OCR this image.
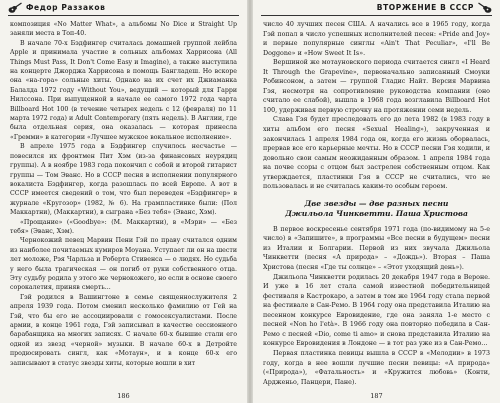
Федор Раззаков

композиция «No Matter What», а альбомы No Dice и Straight Up заняли места в Топ-40.

В начале 70-х Бэдфингер считалась домашней группой лейбла Apple и принимала участие в сольных альбомах Харрисона (All Things Must Pass, It Don't Come Easy и Imagine), а также выступила на концерте Джорджа Харрисона в помощь Бангладеш. Но вскоре она «на-гора» сольные хиты. Однако на их счет их Джиаманка Балалда 1972 году «Without You», ведущий — который для Гарри Нилссона. При выпущенной в начале ее самого 1972 года чарта Billboard Hot 100 (в течение четырех недель с 12 (февраля) по 11 марта 1972 года) и Adult Contemporary (пять недель). В Англии, где была отдельная серия, она оказалась — которая принесла «Гремми» в категории «Лучшее мужское вокальное исполнение».

В апреле 1975 года в Бэдфингер случилось несчастье — повесился их фронтмен Пит Хэм (из-за финансовых неурядиц группы). А в ноябре 1983 года покончил с собой и второй гитарист группы — Том Эванс. Но в СССР песня в исполнении популярного вокалиста Бэдфингер, когда разошлась по всей Европе. А вот в СССР имеется сведений о том, что был переведен «Бэдфингер» в журнале «Кругозор» (1982, № 6). На грампластинке были: (Пол Маккартни), (Маккартни), в сыграна «Без тебя» (Эванс, Хэм).

«Прощание» («Goodbye»: (М. Маккартни), в «Мэри» — «Без тебя» (Эванс, Хэм).

Чернокожий певец Марвин Пени Гэй по праву считался одним из наиболее почитаемых кумиров Моуана. Уступает ли он на шести лет моложе, Рэя Чарльза и Роберта Стивенса — о людях. Но судьба у него была трагическая — он погиб от руки собственного отца. Эту судьбу родила у этого же чернокожего, но если в основе своего сорокалетия, приняв смерть...

Гэй родился в Вашингтоне в семье священнослужителя 2 апреля 1939 года. Потом сменил несколько фамилию от Гей на Гэй, что бы его не ассоциировали с гомосексуалистами. После армии, в конце 1961 года, Гэй записывал в качестве сессионного барабанщика на многих записях. С начале 60-х бывшие стали его одной из звезд «черной» музыки. В начале 60-х в Детройте продюсировать сингл, как «Мотаун», и в конце 60-х его записывают в статус звезды хиты, которые вошли в хит

186
ВТОРЖЕНИЕ В СССР

число 40 лучших песен США. А начались все в 1965 году, когда Гэй попал в число успешных исполнителей песен: «Pride and Joy» и первые популярные синглы «Ain't That Peculiar», «I'll Be Doggone» и «How Sweet It Is».

Вершиной же мотауновского периода считается сингл «I Heard It Through the Grapevine», первоначально записанный Смоуки Робинсоном, а затем — группой Гладис Найт. Версия Марвина Гэя, несмотря на сопротивление руководства компании (оно считало ее слабой), вышла в 1968 года возглавила Billboard Hot 100, удерживая первую строчку на протяжении семи недель.

Слава Гэя будет преследовать его до лета 1982 (в 1983 году в хиты альбом его песня «Sexual Healing»), закрученная и закончилась 1 апреля 1984 года он, когда его жизнь оборвалась, прервав все его карьерные мечты. Но в СССР песни Гэя ходили, и довольно свои самым неожиданным образом. 1 апреля 1984 года на почве ссоры с отцом был застрелен собственным отцом. Как утверждается, пластинки Гэя в СССР не считались, что не пользовалась и не считалась каким-то особым героем.

Две звезды — две разных песни
Джильола Чинкветти. Паша Христова

В первое воскресенье сентября 1971 года (по-видимому на 5-е число) в «Запишите», в программы «Все песни в будущем» песни из Италии и Болгарии. Первой из них звучала Джильола Чинкветти (песня «А природа» – «Дождь»). Вторая – Паша Христова (песня «Где ты солнце» – «Этот уходящий день»).

Джильола Чинкветти родилась 20 декабря 1947 года в Вероне. И уже в 16 лет стала самой известной победительницей фестиваля в Кастрокаро, а затем в том же 1964 году стала первой на фестивале в Сан-Ремо. В 1964 году она представила Италию на песенном конкурсе Евровидение, где она заняла 1-е место с песней «Non ho l'età». В 1966 году она повторно победила в Сан-Ремо с песней «Dio, come ti amo» и снова представила Италию на конкурсе Евровидения в Лондоне — в тот раз уже из в Сан-Ремо...

Первая пластинка певицы вышла в СССР в «Мелодии» в 1973 году, когда в нее вошли лучшие песни певицы: «А природа» («Природа»), «Фатальность» и «Кружится любовь» (Конти, Ардженьо, Панцери, Пане).

187
